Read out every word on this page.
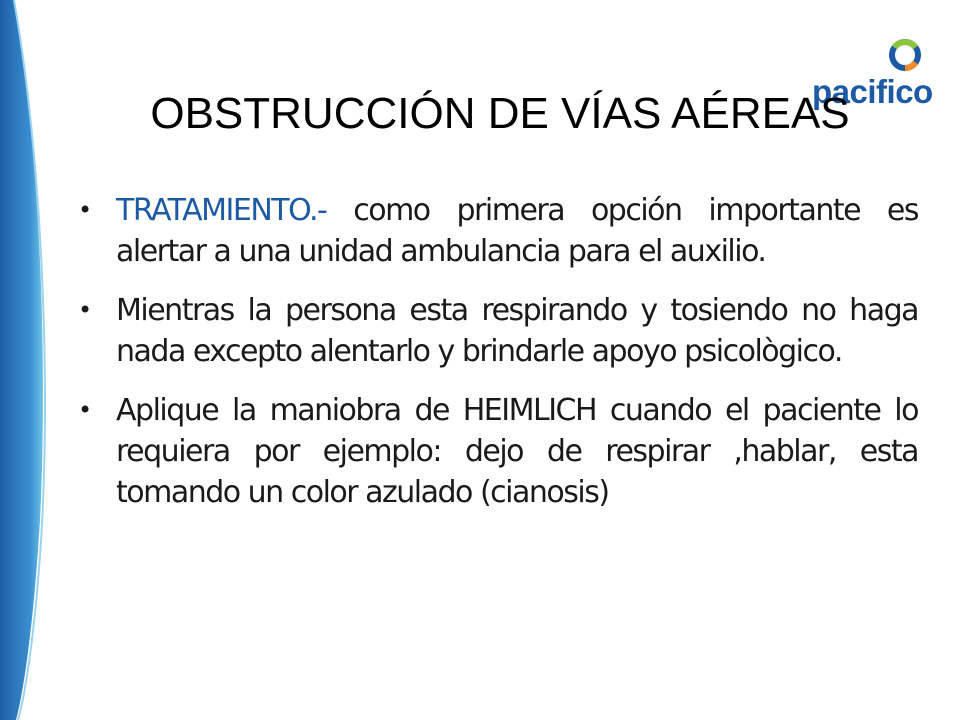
pacifico
OBSTRUCCIÓN DE VÍAS AÉREAS
• TRATAMIENTO.- como primera opción importante es alertar a una unidad ambulancia para el auxilio.
• Mientras la persona esta respirando y tosiendo no haga nada excepto alentarlo y brindarle apoyo psicològico.
• Aplique la maniobra de HEIMLICH cuando el paciente lo requiera por ejemplo: dejo de respirar ,hablar, esta tomando un color azulado (cianosis)
